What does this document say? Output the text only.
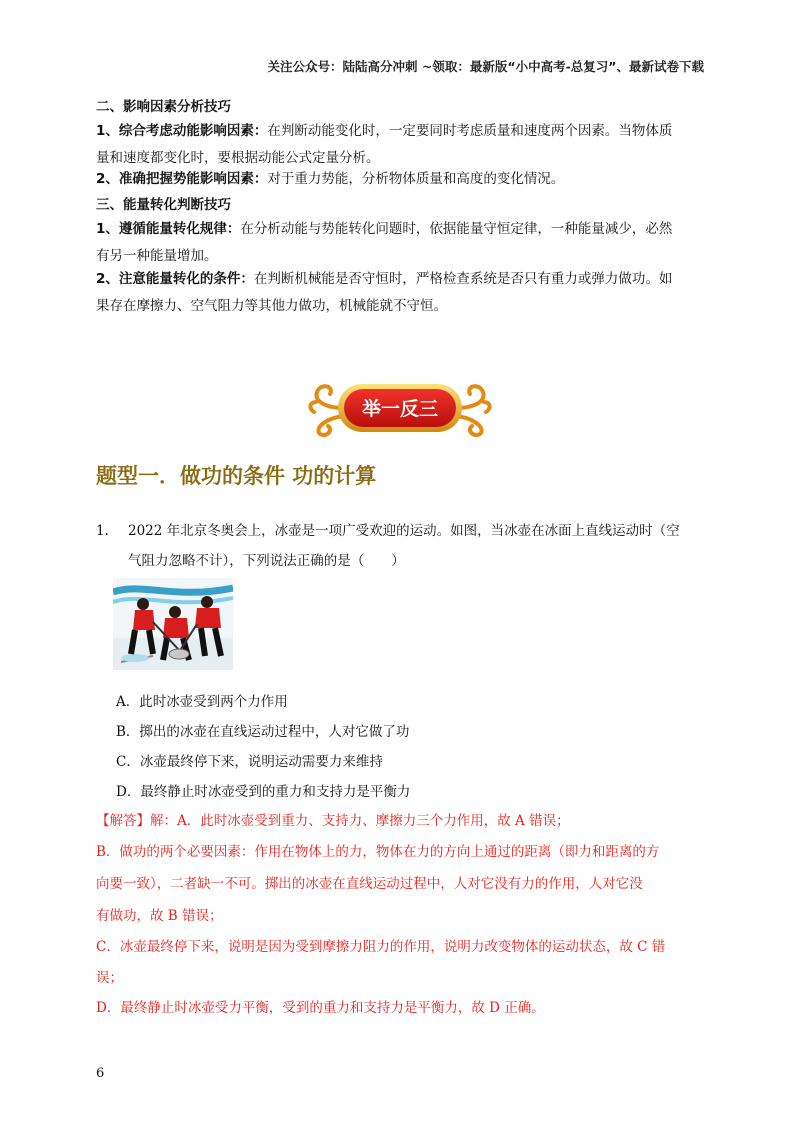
关注公众号：陆陆高分冲刺 ~领取：最新版“小中高考-总复习”、最新试卷下载
二、影响因素分析技巧
1、综合考虑动能影响因素：在判断动能变化时，一定要同时考虑质量和速度两个因素。当物体质
量和速度都变化时，要根据动能公式定量分析。
2、准确把握势能影响因素：对于重力势能，分析物体质量和高度的变化情况。
三、能量转化判断技巧
1、遵循能量转化规律：在分析动能与势能转化问题时，依据能量守恒定律，一种能量减少，必然
有另一种能量增加。
2、注意能量转化的条件：在判断机械能是否守恒时，严格检查系统是否只有重力或弹力做功。如
果存在摩擦力、空气阻力等其他力做功，机械能就不守恒。
举一反三
题型一．做功的条件 功的计算
1. 2022 年北京冬奥会上，冰壶是一项广受欢迎的运动。如图，当冰壶在冰面上直线运动时（空
气阻力忽略不计），下列说法正确的是（　　）
A．此时冰壶受到两个力作用
B．掷出的冰壶在直线运动过程中，人对它做了功
C．冰壶最终停下来，说明运动需要力来维持
D．最终静止时冰壶受到的重力和支持力是平衡力
【解答】解：A．此时冰壶受到重力、支持力、摩擦力三个力作用，故 A 错误；
B．做功的两个必要因素：作用在物体上的力，物体在力的方向上通过的距离（即力和距离的方
向要一致），二者缺一不可。掷出的冰壶在直线运动过程中，人对它没有力的作用，人对它没
有做功，故 B 错误；
C．冰壶最终停下来，说明是因为受到摩擦力阻力的作用，说明力改变物体的运动状态，故 C 错
误；
D．最终静止时冰壶受力平衡，受到的重力和支持力是平衡力，故 D 正确。
6
